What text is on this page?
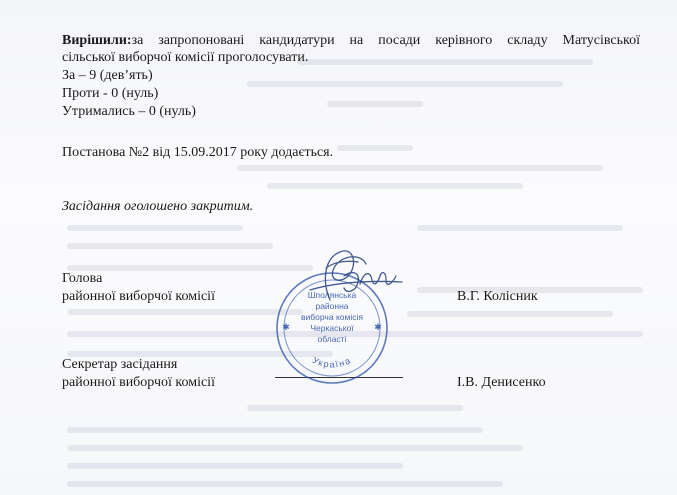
Вирішили:за запропоновані кандидатури на посади керівного складу Матусівської
сільської виборчої комісії проголосувати.
За – 9 (дев’ять)
Проти - 0 (нуль)
Утримались – 0 (нуль)
Постанова №2 від 15.09.2017 року додається.
Засідання оголошено закритим.
Голова
районної виборчої комісії	В.Г. Колісник
Секретар засідання
районної виборчої комісії	І.В. Денисенко
Шполянська
районна
виборча комісія
Черкаської
області
Україна
✱	✱
